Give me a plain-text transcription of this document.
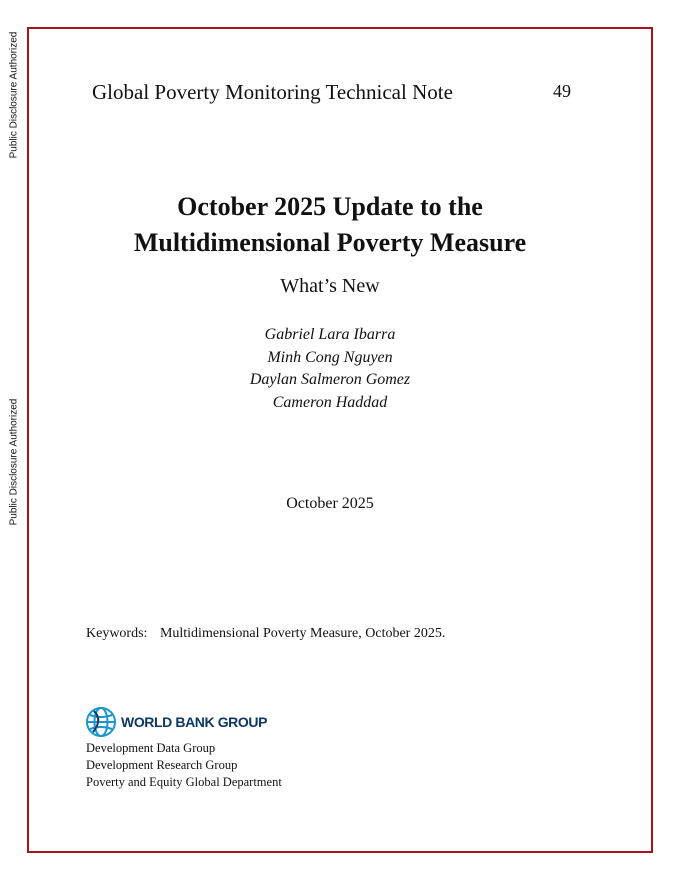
Public Disclosure Authorized
Public Disclosure Authorized
Global Poverty Monitoring Technical Note	49
October 2025 Update to the
Multidimensional Poverty Measure
What’s New
Gabriel Lara Ibarra
Minh Cong Nguyen
Daylan Salmeron Gomez
Cameron Haddad
October 2025
Keywords: Multidimensional Poverty Measure, October 2025.
WORLD BANK GROUP
Development Data Group
Development Research Group
Poverty and Equity Global Department
